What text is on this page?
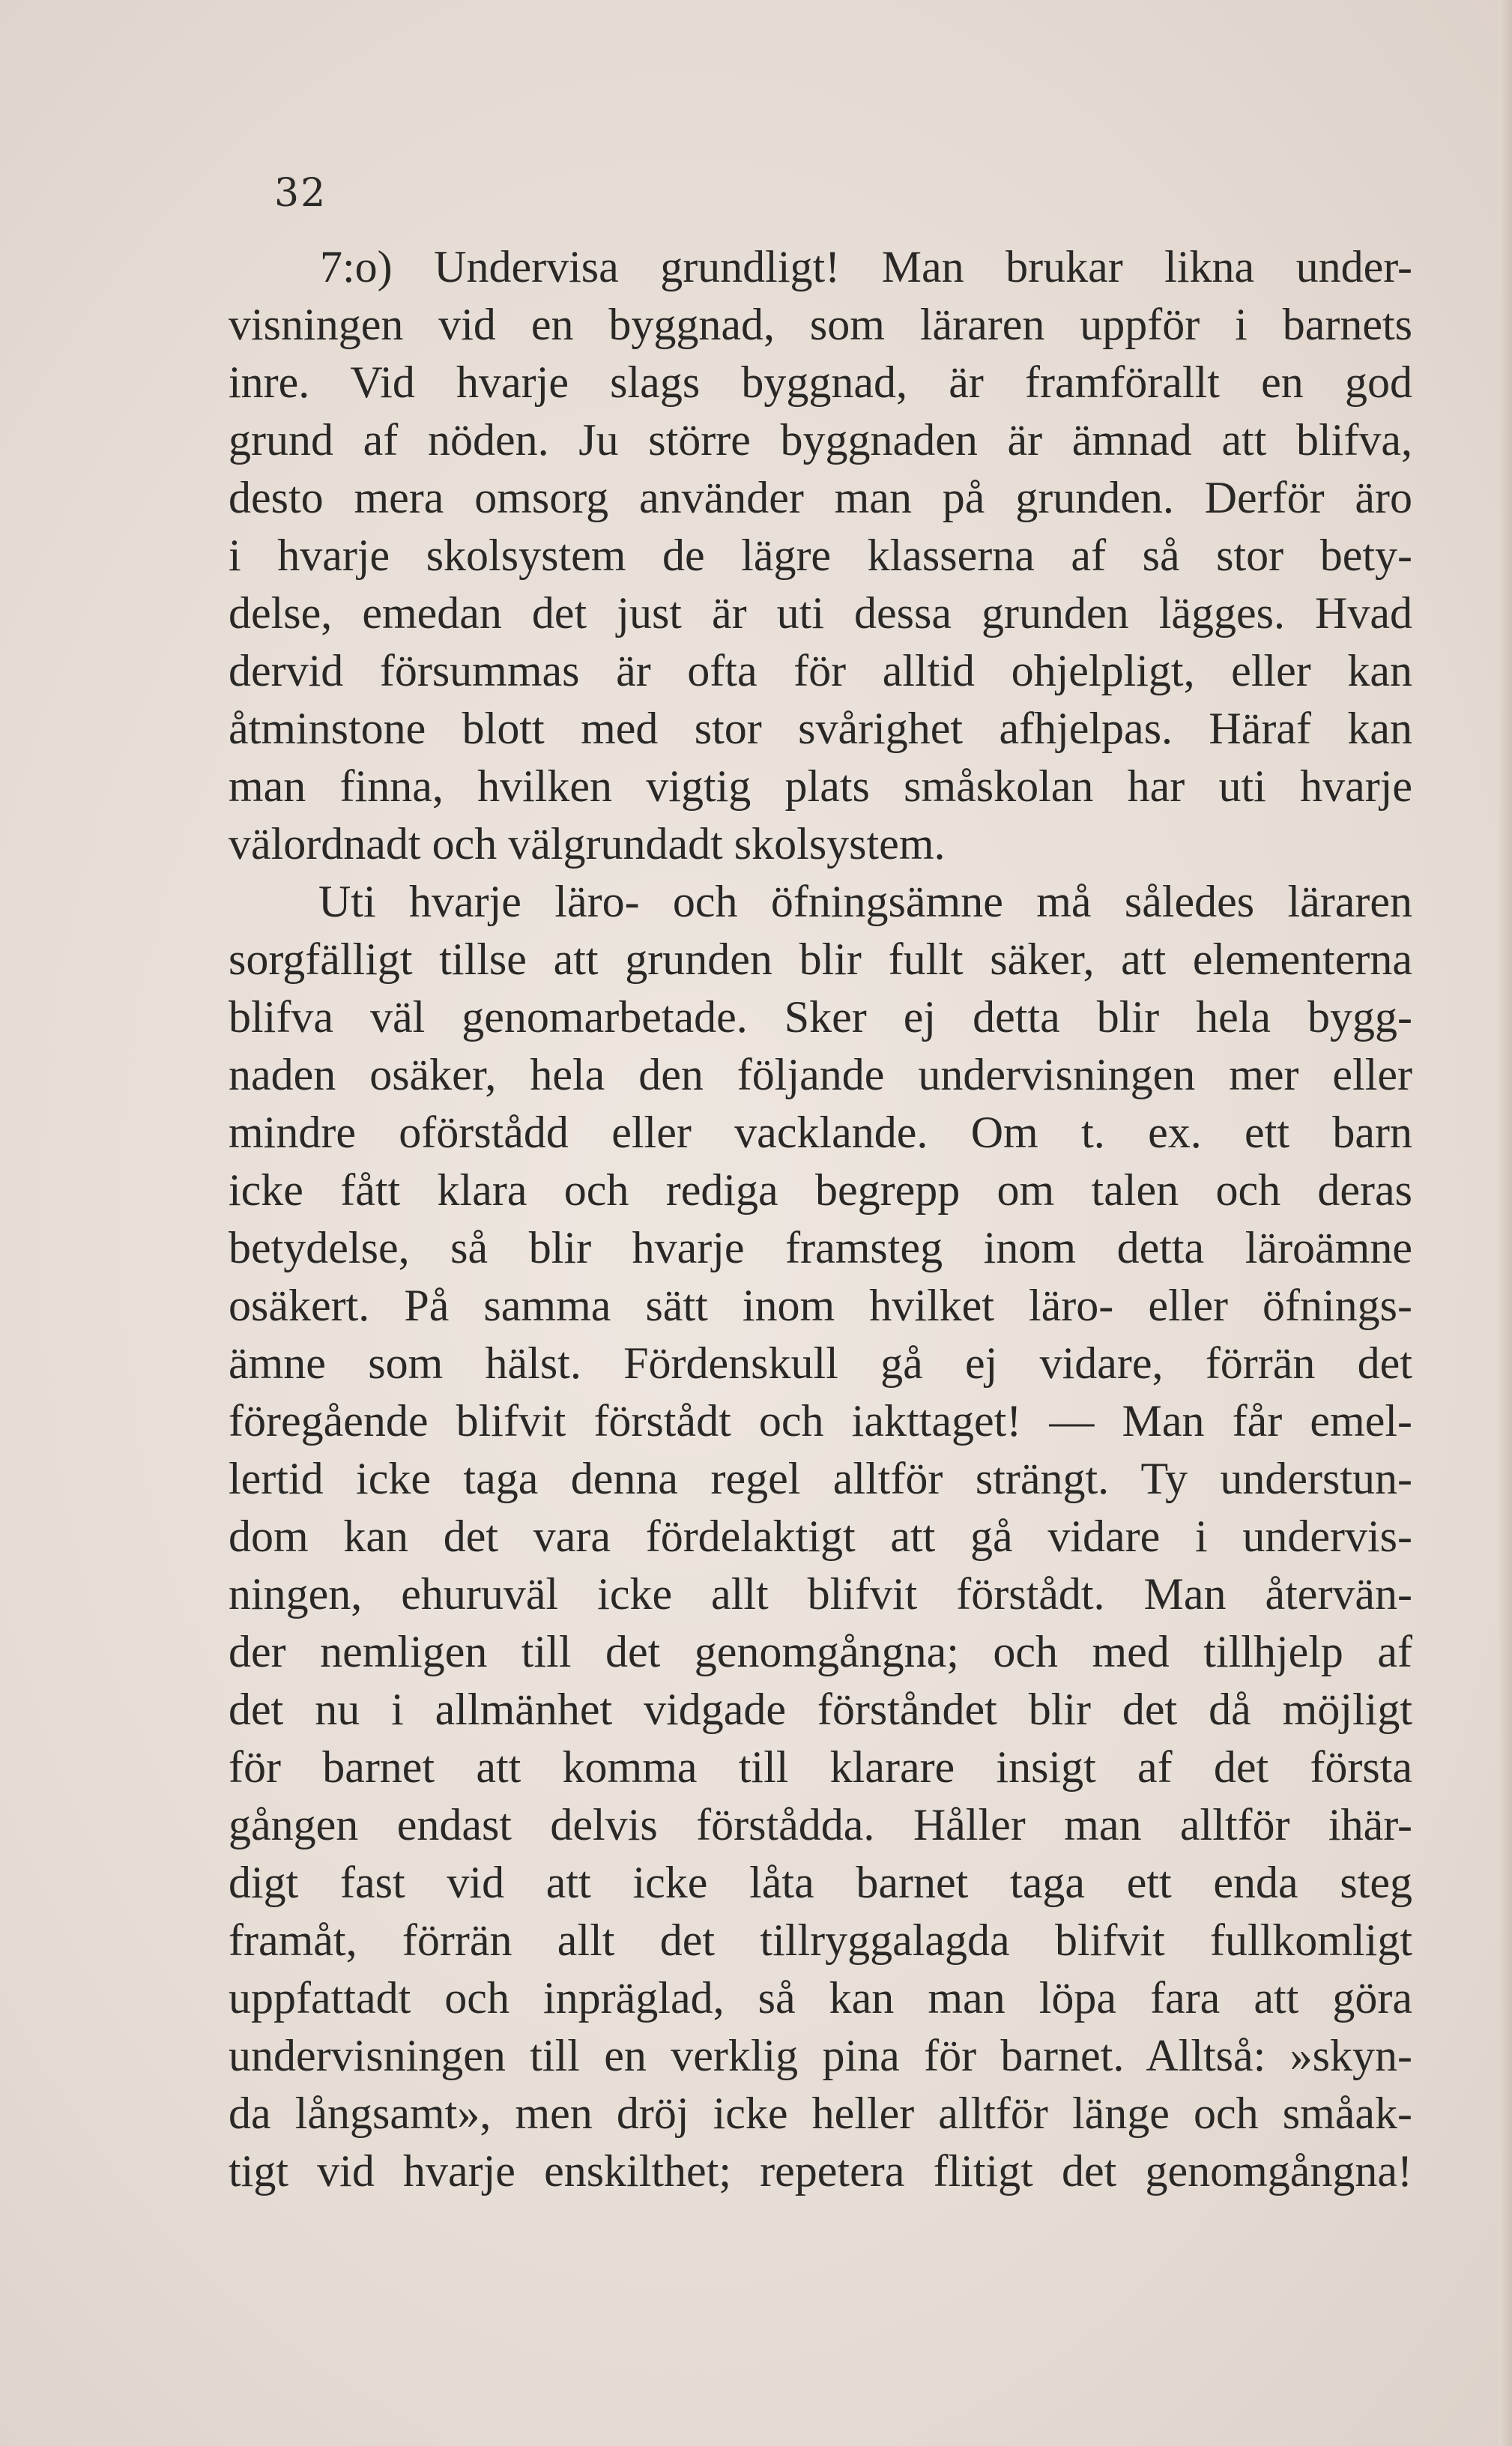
32
7:o) Undervisa grundligt! Man brukar likna under-
visningen vid en byggnad, som läraren uppför i barnets
inre. Vid hvarje slags byggnad, är framförallt en god
grund af nöden. Ju större byggnaden är ämnad att blifva,
desto mera omsorg använder man på grunden. Derför äro
i hvarje skolsystem de lägre klasserna af så stor bety-
delse, emedan det just är uti dessa grunden lägges. Hvad
dervid försummas är ofta för alltid ohjelpligt, eller kan
åtminstone blott med stor svårighet afhjelpas. Häraf kan
man finna, hvilken vigtig plats småskolan har uti hvarje
välordnadt och välgrundadt skolsystem.
Uti hvarje läro- och öfningsämne må således läraren
sorgfälligt tillse att grunden blir fullt säker, att elementerna
blifva väl genomarbetade. Sker ej detta blir hela bygg-
naden osäker, hela den följande undervisningen mer eller
mindre oförstådd eller vacklande. Om t. ex. ett barn
icke fått klara och rediga begrepp om talen och deras
betydelse, så blir hvarje framsteg inom detta läroämne
osäkert. På samma sätt inom hvilket läro- eller öfnings-
ämne som hälst. Fördenskull gå ej vidare, förrän det
föregående blifvit förstådt och iakttaget! — Man får emel-
lertid icke taga denna regel alltför strängt. Ty understun-
dom kan det vara fördelaktigt att gå vidare i undervis-
ningen, ehuruväl icke allt blifvit förstådt. Man återvän-
der nemligen till det genomgångna; och med tillhjelp af
det nu i allmänhet vidgade förståndet blir det då möjligt
för barnet att komma till klarare insigt af det första
gången endast delvis förstådda. Håller man alltför ihär-
digt fast vid att icke låta barnet taga ett enda steg
framåt, förrän allt det tillryggalagda blifvit fullkomligt
uppfattadt och inpräglad, så kan man löpa fara att göra
undervisningen till en verklig pina för barnet. Alltså: »skyn-
da långsamt», men dröj icke heller alltför länge och småak-
tigt vid hvarje enskilthet; repetera flitigt det genomgångna!
